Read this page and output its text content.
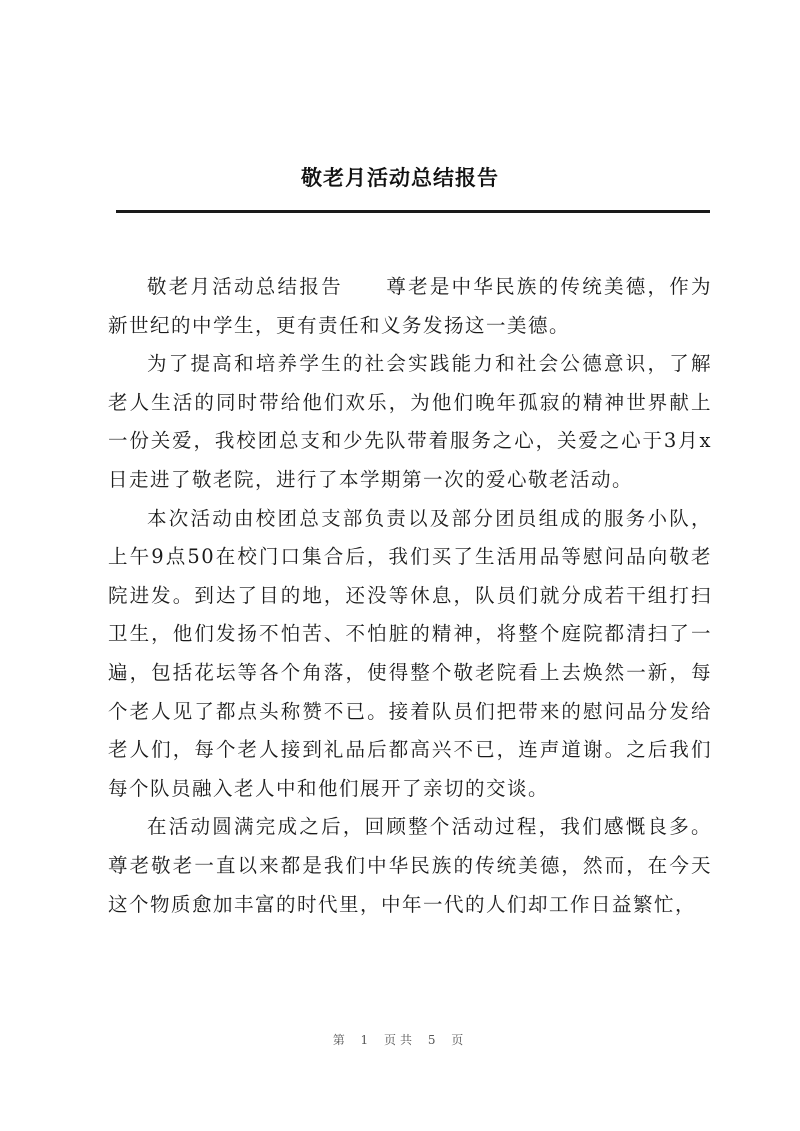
敬老月活动总结报告

敬老月活动总结报告　　尊老是中华民族的传统美德，作为新世纪的中学生，更有责任和义务发扬这一美德。

为了提高和培养学生的社会实践能力和社会公德意识，了解老人生活的同时带给他们欢乐，为他们晚年孤寂的精神世界献上一份关爱，我校团总支和少先队带着服务之心，关爱之心于3月x日走进了敬老院，进行了本学期第一次的爱心敬老活动。

本次活动由校团总支部负责以及部分团员组成的服务小队，上午9点50在校门口集合后，我们买了生活用品等慰问品向敬老院进发。到达了目的地，还没等休息，队员们就分成若干组打扫卫生，他们发扬不怕苦、不怕脏的精神，将整个庭院都清扫了一遍，包括花坛等各个角落，使得整个敬老院看上去焕然一新，每个老人见了都点头称赞不已。接着队员们把带来的慰问品分发给老人们，每个老人接到礼品后都高兴不已，连声道谢。之后我们每个队员融入老人中和他们展开了亲切的交谈。

在活动圆满完成之后，回顾整个活动过程，我们感慨良多。尊老敬老一直以来都是我们中华民族的传统美德，然而，在今天这个物质愈加丰富的时代里，中年一代的人们却工作日益繁忙，

第 1 页共 5 页
